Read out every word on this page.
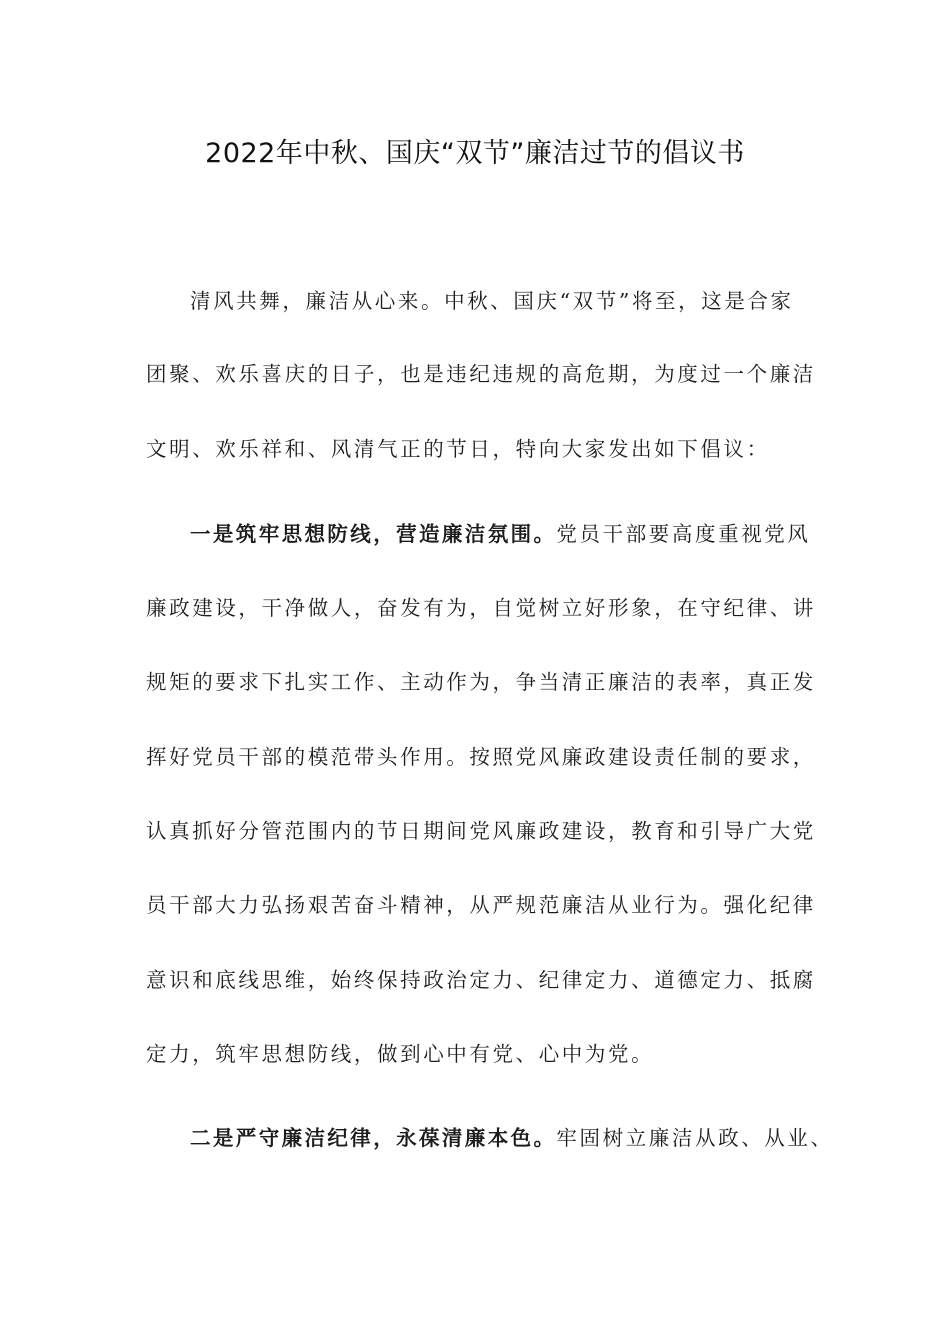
2022年中秋、国庆“双节”廉洁过节的倡议书
清风共舞，廉洁从心来。中秋、国庆“双节”将至，这是合家
团聚、欢乐喜庆的日子，也是违纪违规的高危期，为度过一个廉洁
文明、欢乐祥和、风清气正的节日，特向大家发出如下倡议：
一是筑牢思想防线，营造廉洁氛围。党员干部要高度重视党风
廉政建设，干净做人，奋发有为，自觉树立好形象，在守纪律、讲
规矩的要求下扎实工作、主动作为，争当清正廉洁的表率，真正发
挥好党员干部的模范带头作用。按照党风廉政建设责任制的要求，
认真抓好分管范围内的节日期间党风廉政建设，教育和引导广大党
员干部大力弘扬艰苦奋斗精神，从严规范廉洁从业行为。强化纪律
意识和底线思维，始终保持政治定力、纪律定力、道德定力、抵腐
定力，筑牢思想防线，做到心中有党、心中为党。
二是严守廉洁纪律，永葆清廉本色。牢固树立廉洁从政、从业、
